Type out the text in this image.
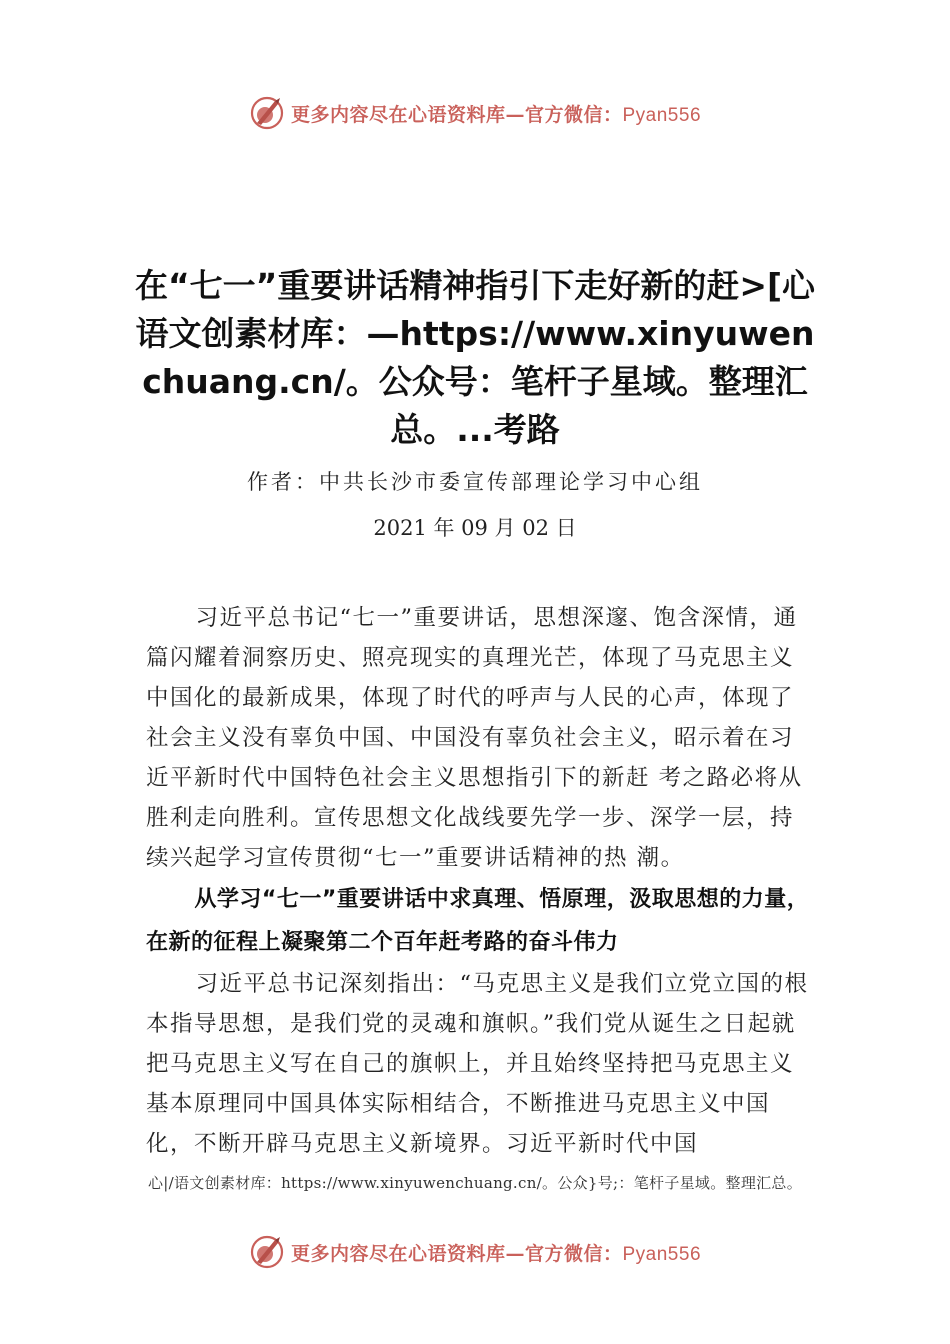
更多内容尽在心语资料库—官方微信：Pyan556
在“七一”重要讲话精神指引下走好新的赶>[心语文创素材库：—https://www.xinyuwenchuang.cn/。公众号：笔杆子星域。整理汇总。...考路
作者：中共长沙市委宣传部理论学习中心组
2021 年 09 月 02 日

习近平总书记“七一”重要讲话，思想深邃、饱含深情，通篇闪耀着洞察历史、照亮现实的真理光芒，体现了马克思主义中国化的最新成果，体现了时代的呼声与人民的心声，体现了社会主义没有辜负中国、中国没有辜负社会主义，昭示着在习近平新时代中国特色社会主义思想指引下的新赶 考之路必将从胜利走向胜利。宣传思想文化战线要先学一步、深学一层，持续兴起学习宣传贯彻“七一”重要讲话精神的热 潮。

从学习“七一”重要讲话中求真理、悟原理，汲取思想的力量，在新的征程上凝聚第二个百年赶考路的奋斗伟力

习近平总书记深刻指出：“马克思主义是我们立党立国的根本指导思想，是我们党的灵魂和旗帜。”我们党从诞生之日起就把马克思主义写在自己的旗帜上，并且始终坚持把马克思主义基本原理同中国具体实际相结合，不断推进马克思主义中国化，不断开辟马克思主义新境界。习近平新时代中国

心|/语文创素材库：https://www.xinyuwenchuang.cn/。公众}号;：笔杆子星域。整理汇总。
更多内容尽在心语资料库—官方微信：Pyan556
